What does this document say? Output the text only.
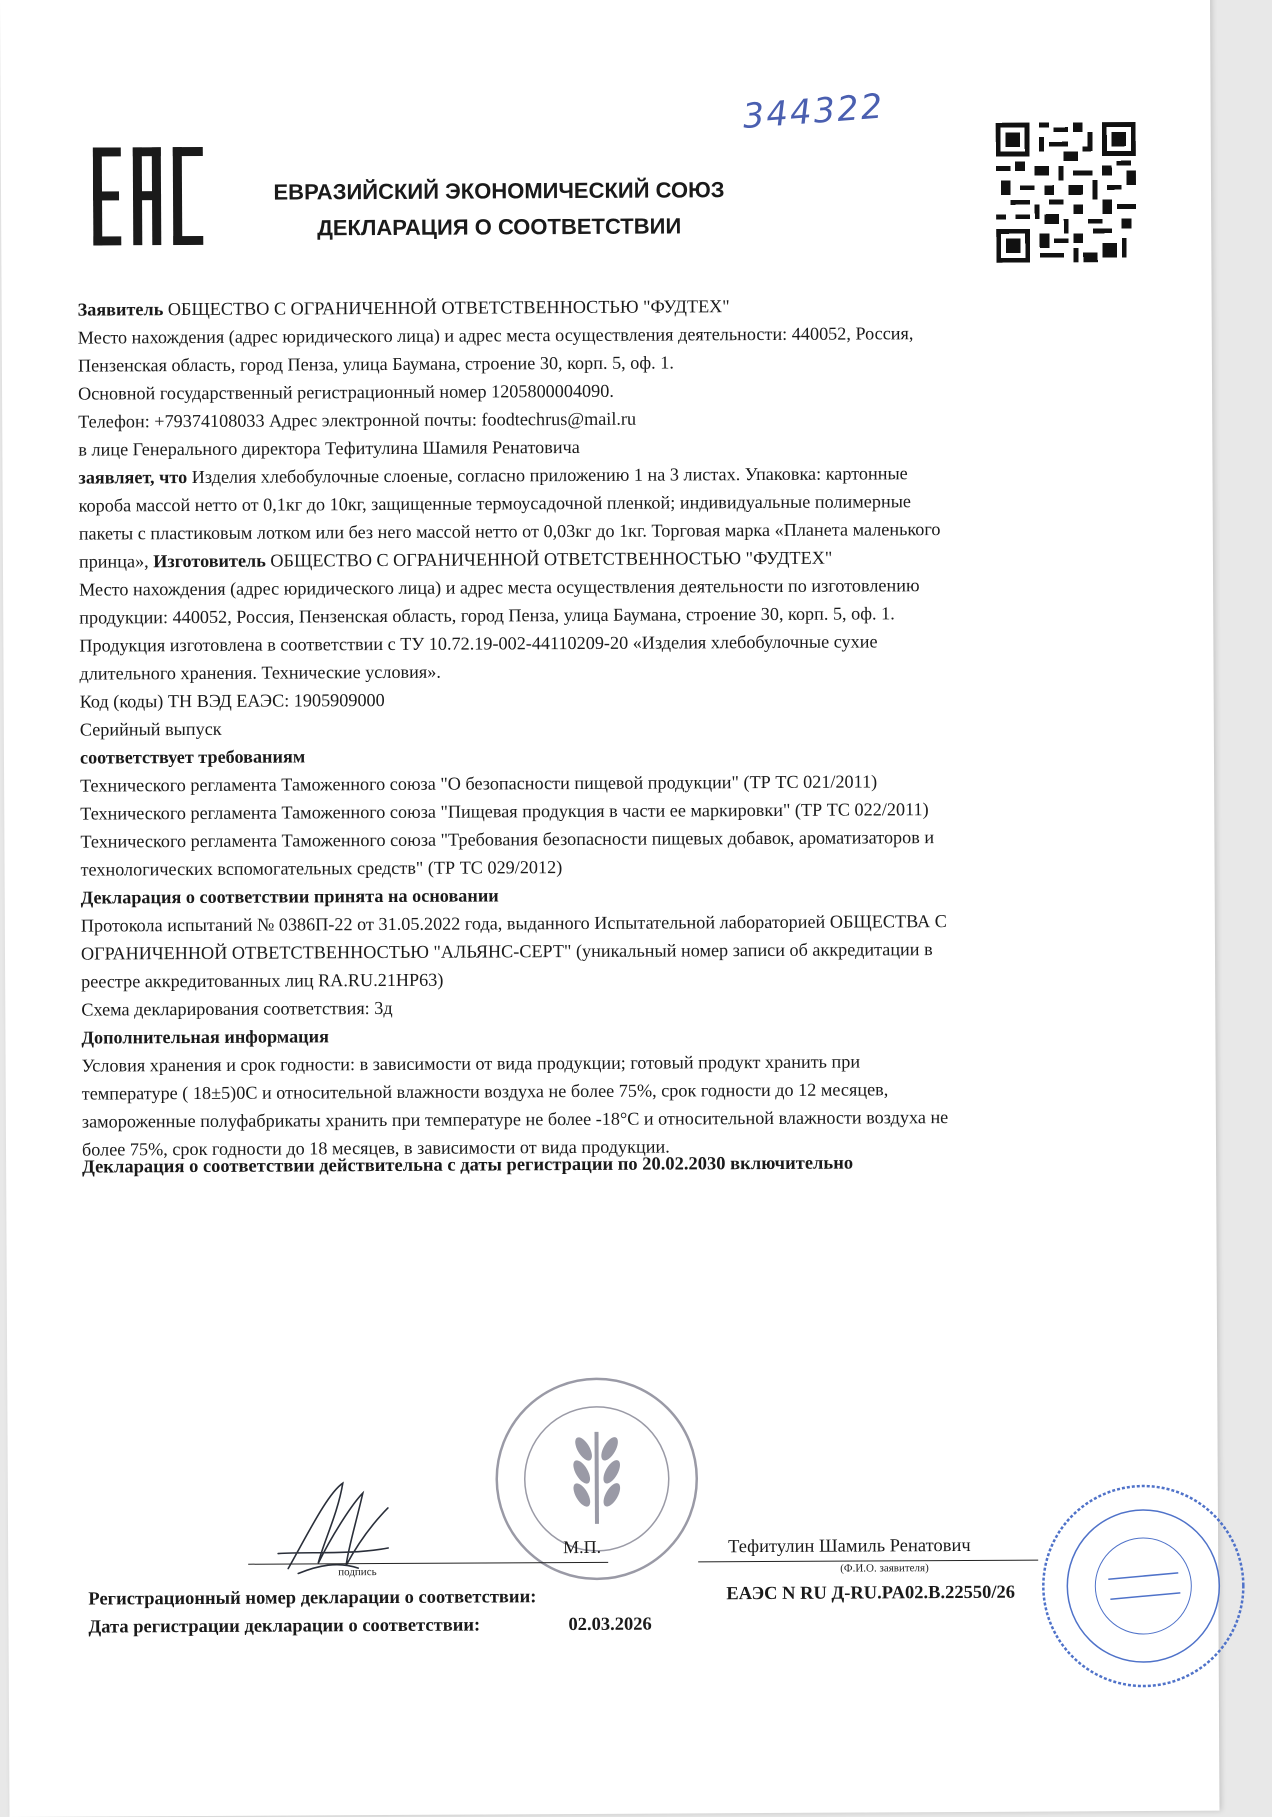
344322
ЕВРАЗИЙСКИЙ ЭКОНОМИЧЕСКИЙ СОЮЗ
ДЕКЛАРАЦИЯ О СООТВЕТСТВИИ

Заявитель ОБЩЕСТВО С ОГРАНИЧЕННОЙ ОТВЕТСТВЕННОСТЬЮ "ФУДТЕХ"

Место нахождения (адрес юридического лица) и адрес места осуществления деятельности: 440052, Россия,

Пензенская область, город Пенза, улица Баумана, строение 30, корп. 5, оф. 1.

Основной государственный регистрационный номер 1205800004090.

Телефон: +79374108033 Адрес электронной почты: foodtechrus@mail.ru

в лице Генерального директора Тефитулина Шамиля Ренатовича

заявляет, что Изделия хлебобулочные слоеные, согласно приложению 1 на 3 листах. Упаковка: картонные

короба массой нетто от 0,1кг до 10кг, защищенные термоусадочной пленкой; индивидуальные полимерные

пакеты с пластиковым лотком или без него массой нетто от 0,03кг до 1кг. Торговая марка «Планета маленького

принца», Изготовитель ОБЩЕСТВО С ОГРАНИЧЕННОЙ ОТВЕТСТВЕННОСТЬЮ "ФУДТЕХ"

Место нахождения (адрес юридического лица) и адрес места осуществления деятельности по изготовлению

продукции: 440052, Россия, Пензенская область, город Пенза, улица Баумана, строение 30, корп. 5, оф. 1.

Продукция изготовлена в соответствии с ТУ 10.72.19-002-44110209-20 «Изделия хлебобулочные сухие

длительного хранения. Технические условия».

Код (коды) ТН ВЭД ЕАЭС: 1905909000

Серийный выпуск

соответствует требованиям

Технического регламента Таможенного союза "О безопасности пищевой продукции" (ТР ТС 021/2011)

Технического регламента Таможенного союза "Пищевая продукция в части ее маркировки" (ТР ТС 022/2011)

Технического регламента Таможенного союза "Требования безопасности пищевых добавок, ароматизаторов и

технологических вспомогательных средств" (ТР ТС 029/2012)

Декларация о соответствии принята на основании

Протокола испытаний № 0386П-22 от 31.05.2022 года, выданного Испытательной лабораторией ОБЩЕСТВА С

ОГРАНИЧЕННОЙ ОТВЕТСТВЕННОСТЬЮ "АЛЬЯНС-СЕРТ" (уникальный номер записи об аккредитации в

реестре аккредитованных лиц RA.RU.21НР63)

Схема декларирования соответствия: 3д

Дополнительная информация

Условия хранения и срок годности: в зависимости от вида продукции; готовый продукт хранить при

температуре ( 18±5)0С и относительной влажности воздуха не более 75%, срок годности до 12 месяцев,

замороженные полуфабрикаты хранить при температуре не более -18°С и относительной влажности воздуха не

более 75%, срок годности до 18 месяцев, в зависимости от вида продукции.

Декларация о соответствии действительна с даты регистрации по 20.02.2030 включительно
подпись
М.П.	Тефитулин Шамиль Ренатович
(Ф.И.О. заявителя)
Регистрационный номер декларации о соответствии:	ЕАЭС N RU Д-RU.PA02.B.22550/26
Дата регистрации декларации о соответствии:	02.03.2026
